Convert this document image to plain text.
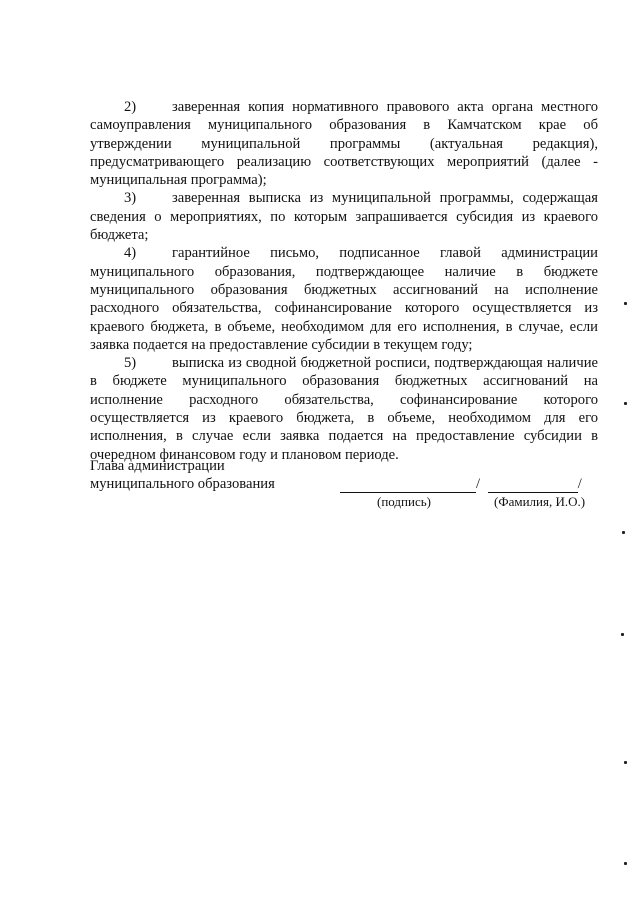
2) заверенная копия нормативного правового акта органа местного самоуправления муниципального образования в Камчатском крае об утверждении муниципальной программы (актуальная редакция), предусматривающего реализацию соответствующих мероприятий (далее - муниципальная программа);

3) заверенная выписка из муниципальной программы, содержащая сведения о мероприятиях, по которым запрашивается субсидия из краевого бюджета;

4) гарантийное письмо, подписанное главой администрации муниципального образования, подтверждающее наличие в бюджете муниципального образования бюджетных ассигнований на исполнение расходного обязательства, софинансирование которого осуществляется из краевого бюджета, в объеме, необходимом для его исполнения, в случае, если заявка подается на предоставление субсидии в текущем году;

5) выписка из сводной бюджетной росписи, подтверждающая наличие в бюджете муниципального образования бюджетных ассигнований на исполнение расходного обязательства, софинансирование которого осуществляется из краевого бюджета, в объеме, необходимом для его исполнения, в случае если заявка подается на предоставление субсидии в очередном финансовом году и плановом периоде.

Глава администрации
муниципального образования	/	/
(подпись)	(Фамилия, И.О.)
